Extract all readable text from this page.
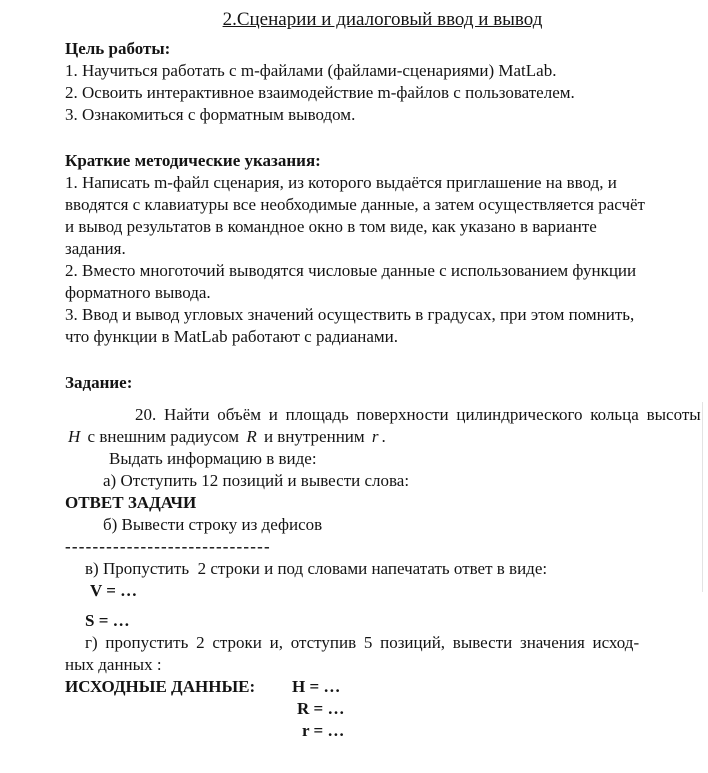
2.Сценарии и диалоговый ввод и вывод
Цель работы:
1. Научиться работать с m-файлами (файлами-сценариями) MatLab.
2. Освоить интерактивное взаимодействие m-файлов с пользователем.
3. Ознакомиться с форматным выводом.
Краткие методические указания:
1. Написать m-файл сценария, из которого выдаётся приглашение на ввод, и
вводятся с клавиатуры все необходимые данные, а затем осуществляется расчёт
и вывод результатов в командное окно в том виде, как указано в варианте
задания.
2. Вместо многоточий выводятся числовые данные с использованием функции
форматного вывода.
3. Ввод и вывод угловых значений осуществить в градусах, при этом помнить,
что функции в MatLab работают с радианами.
Задание:
20. Найти объём и площадь поверхности цилиндрического кольца высоты
H с внешним радиусом R и внутренним r .
Выдать информацию в виде:
а) Отступить 12 позиций и вывести слова:
ОТВЕТ ЗАДАЧИ
б) Вывести строку из дефисов
------------------------------
в) Пропустить  2 строки и под словами напечатать ответ в виде:
V = …
S = …
г) пропустить 2 строки и, отступив 5 позиций, вывести значения исход-
ных данных :
ИСХОДНЫЕ ДАННЫЕ:	H = …
R = …
r = …
